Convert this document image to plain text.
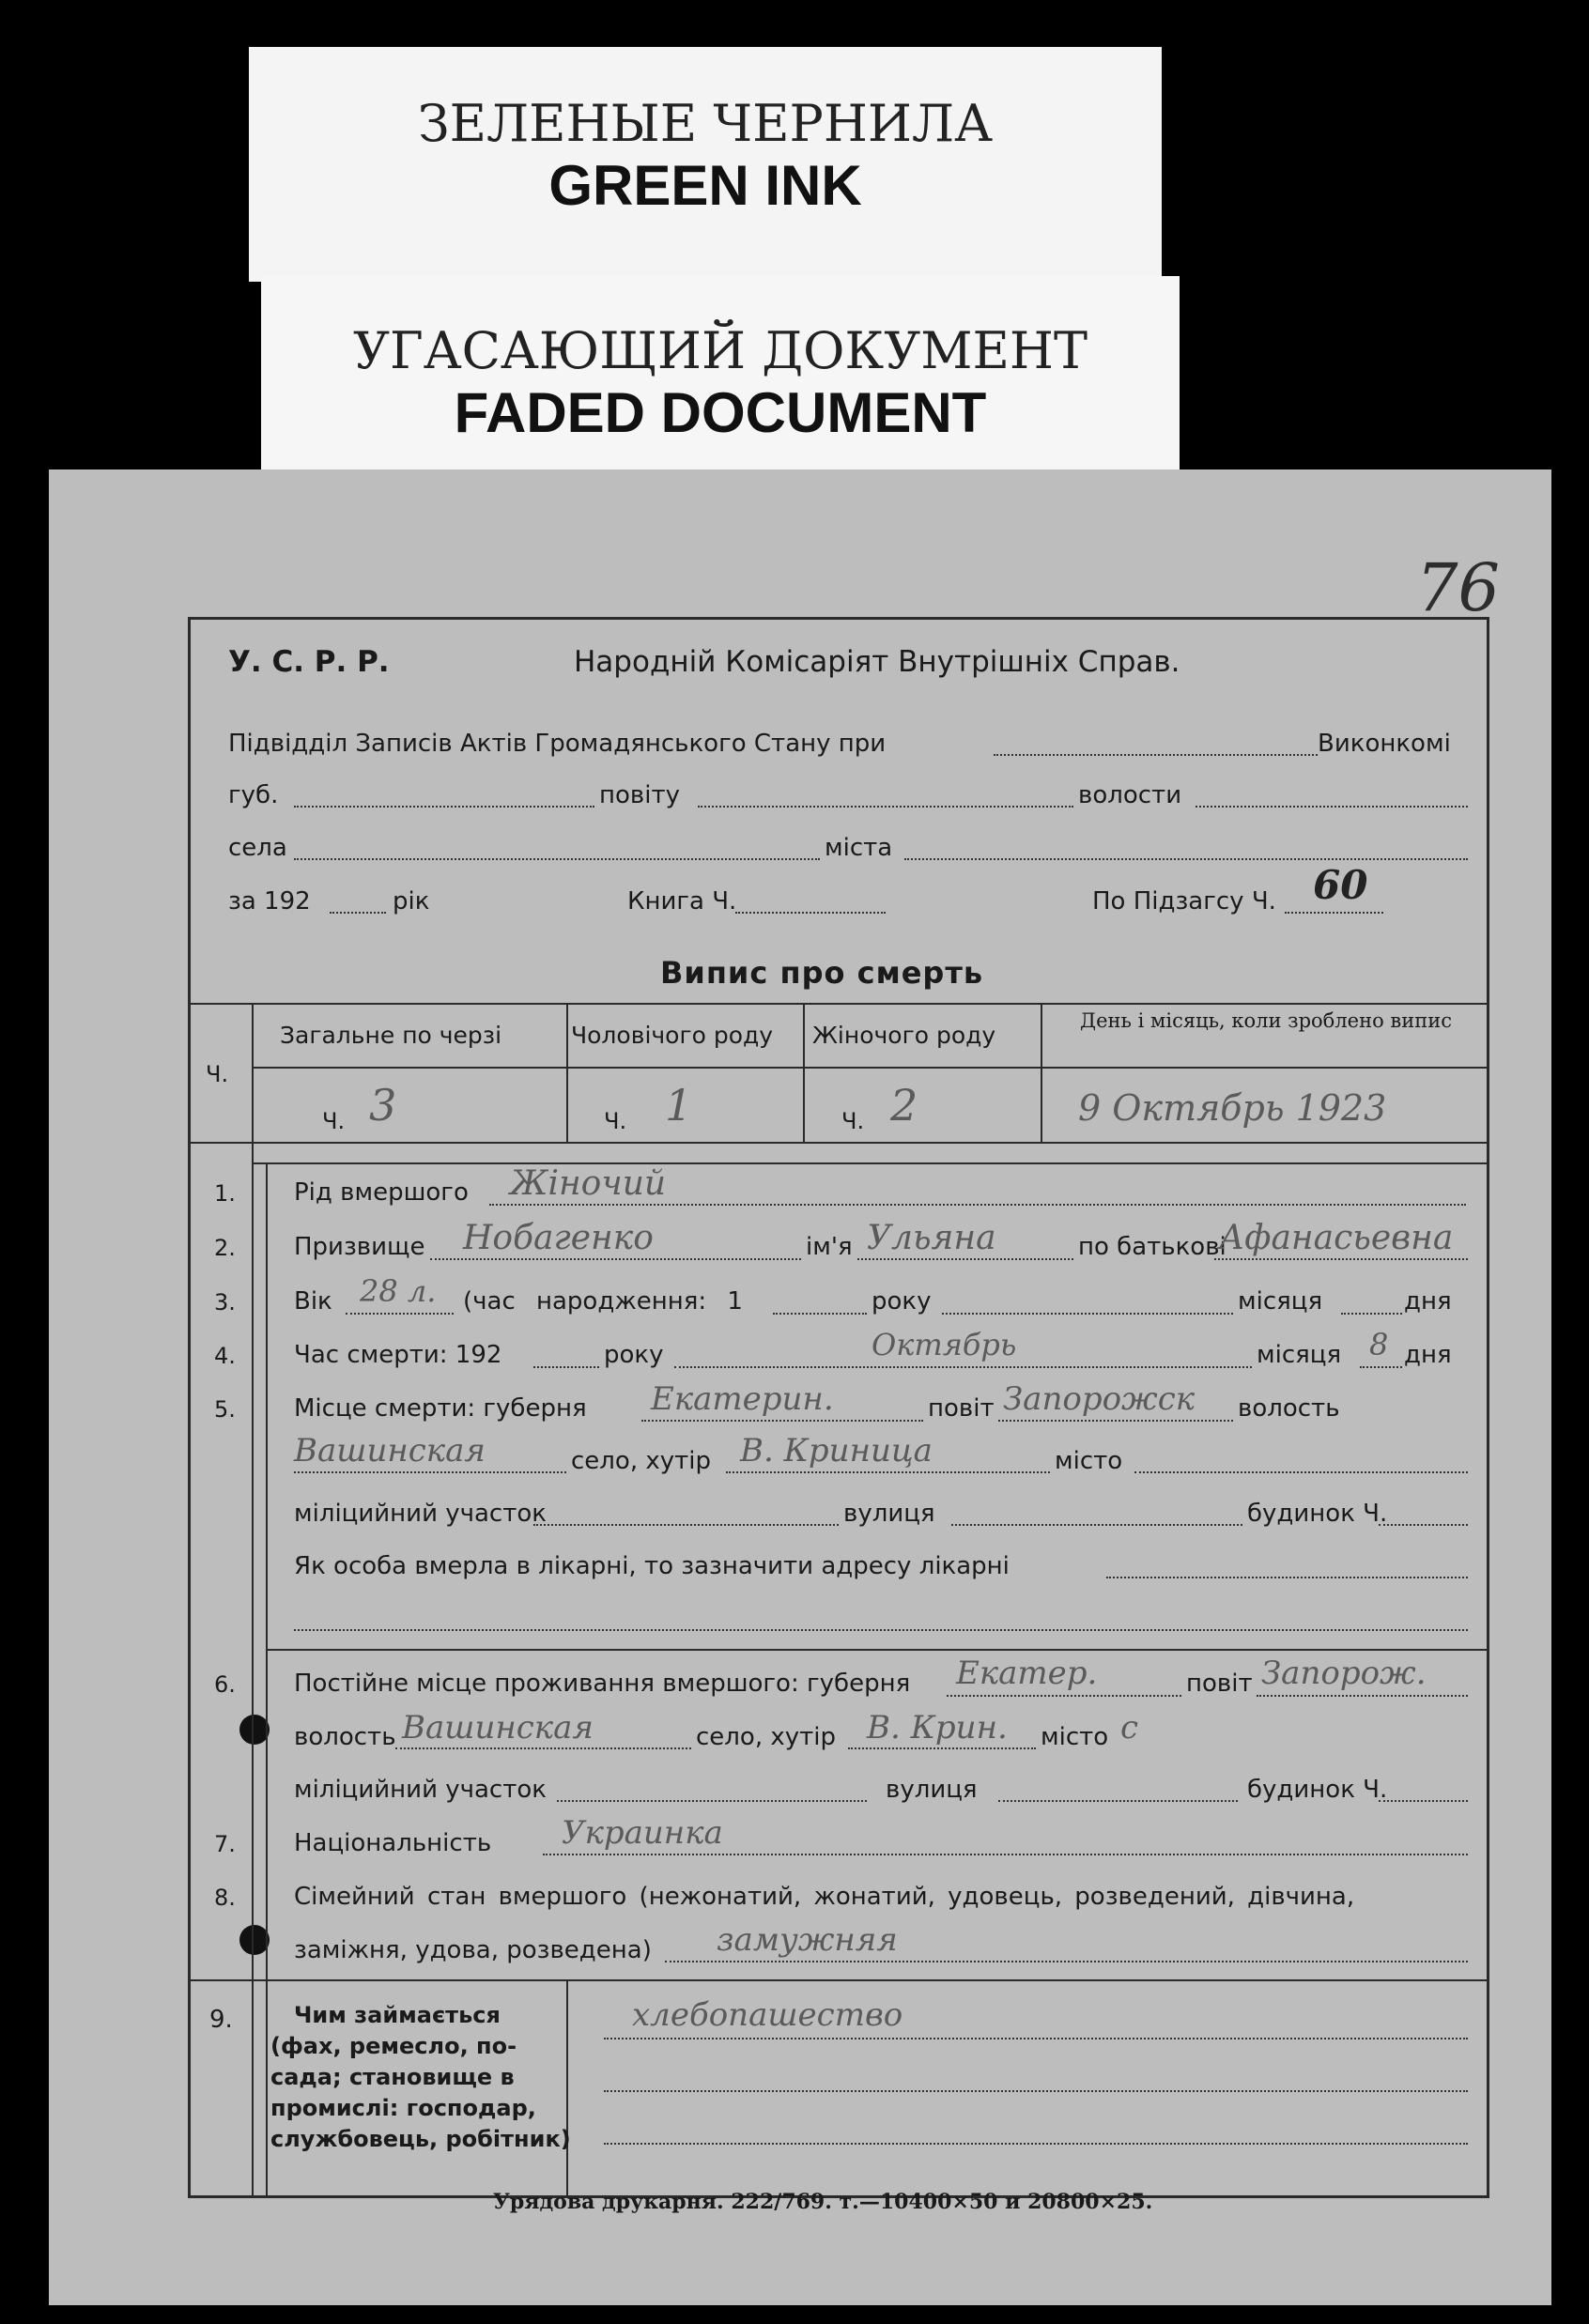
ЗЕЛЕНЫЕ ЧЕРНИЛА
GREEN INK
УГАСАЮЩИЙ ДОКУМЕНТ
FADED DOCUMENT
76
У. С. Р. Р.	Народній Комісаріят Внутрішніх Справ.
Підвідділ Записів Актів Громадянського Стану при	Виконкомі
губ.	повіту	волости
села	міста
за 192	рік	Книга Ч.	По Підзагсу Ч. 60
Випис про смерть
Ч.
Загальне по черзі	Чоловічого роду Жіночого роду
День і місяць, коли зроблено випис
Ч. 3	Ч. 1	Ч. 2	9 Октябрь 1923
1. Рід вмершого Жіночий
2. Призвище Нобагенко	ім'я Ульяна	по батькові
Афанасьевна
3. Вік 28 л. (час народження: 1	року	місяця	дня
4. Час смерти: 192	року	Октябрь	місяця 8 дня
5. Місце смерти: губерня Екатерин.	повіт Запорожск волость
Вашинская	село, хутір В. Криница	місто
міліцийний участок	вулиця	будинок Ч.
Як особа вмерла в лікарні, то зазначити адресу лікарні
6. Постійне місце проживання вмершого: губерня Екатер.	повіт Запорож.
волость Вашинская	село, хутір В. Крин. місто с
міліцийний участок	вулиця	будинок Ч.
7. Національність Украинка
8. Сімейний стан вмершого (нежонатий, жонатий, удовець, розведений, дівчина,
заміжня, удова, розведена) замужняя
9.	Чим займається
(фах, ремесло, по-
сада; становище в
промислі: господар,
службовець, робітник)
хлебопашество
Урядова друкарня. 222/769. т.—10400×50 и 20800×25.
